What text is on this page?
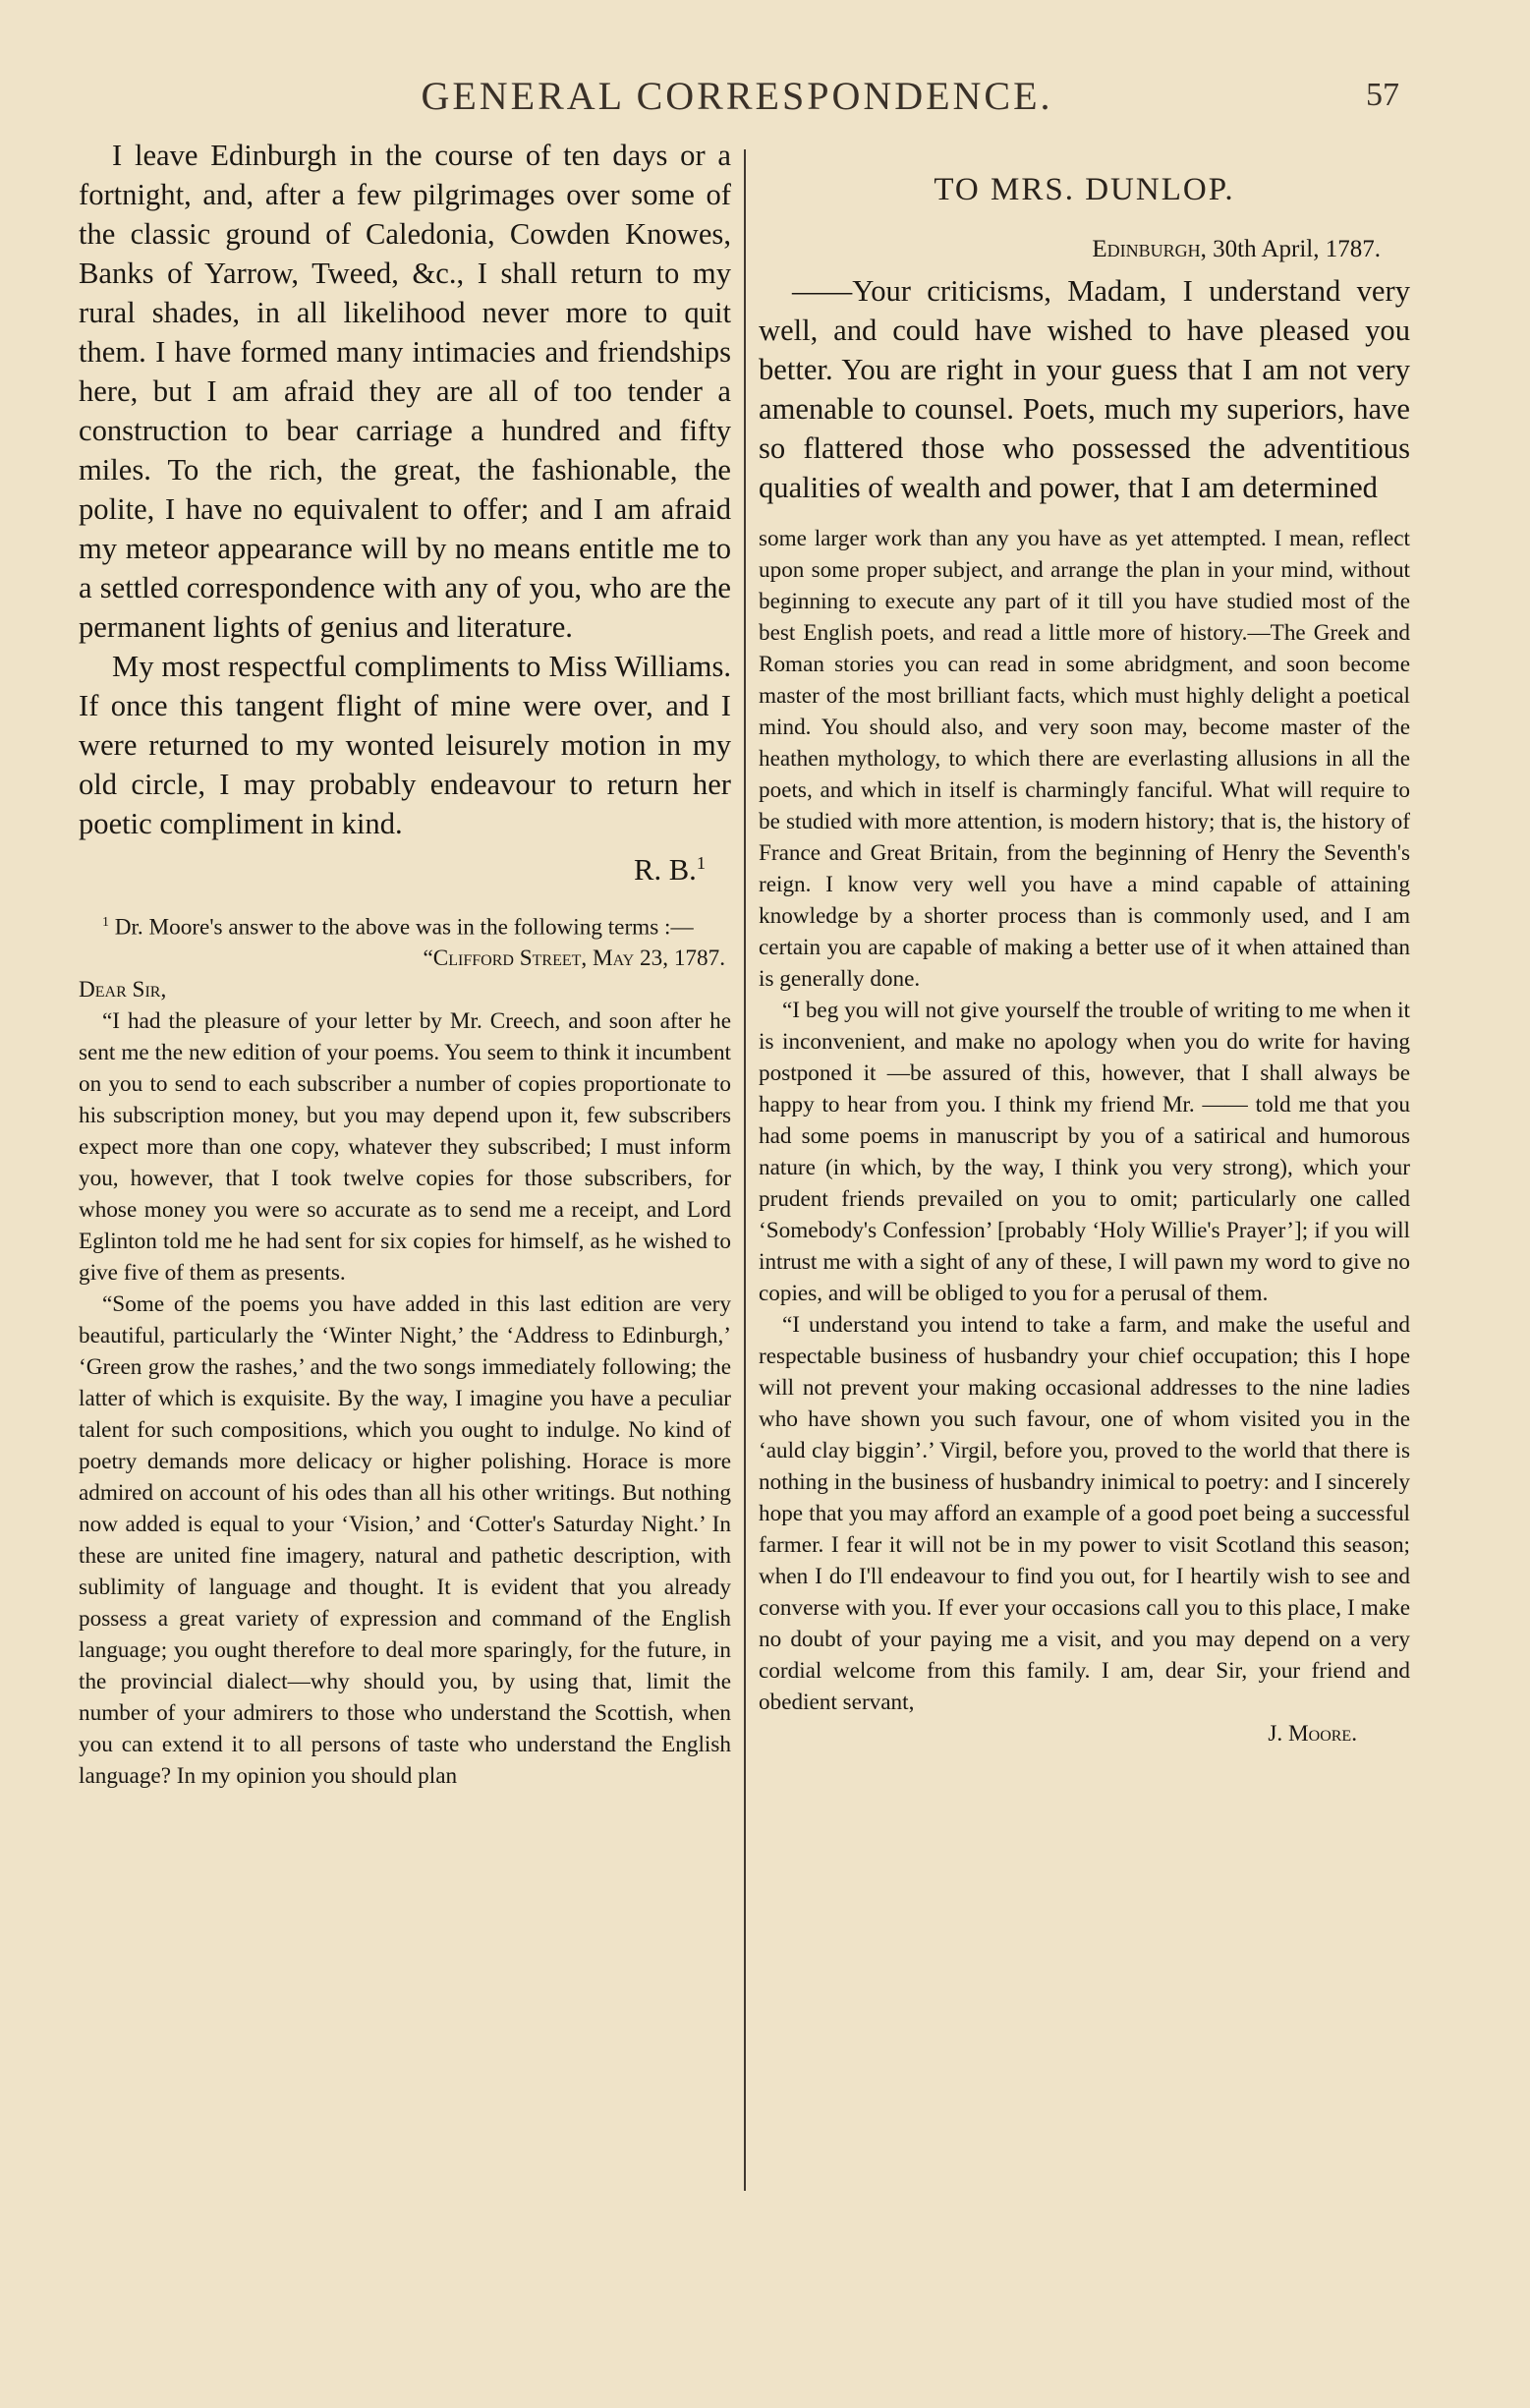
GENERAL CORRESPONDENCE.	57

I leave Edinburgh in the course of ten days or a fortnight, and, after a few pilgrimages over some of the classic ground of Caledonia, Cowden Knowes, Banks of Yarrow, Tweed, &c., I shall return to my rural shades, in all likelihood never more to quit them. I have formed many intimacies and friendships here, but I am afraid they are all of too tender a construction to bear carriage a hundred and fifty miles. To the rich, the great, the fashionable, the polite, I have no equivalent to offer; and I am afraid my meteor appearance will by no means entitle me to a settled correspondence with any of you, who are the permanent lights of genius and literature.

My most respectful compliments to Miss Williams. If once this tangent flight of mine were over, and I were returned to my wonted leisurely motion in my old circle, I may probably endeavour to return her poetic compliment in kind.

R. B.$^1$

$^1$ Dr. Moore's answer to the above was in the following terms :—

“Clifford Street, May 23, 1787.

Dear Sir,

“I had the pleasure of your letter by Mr. Creech, and soon after he sent me the new edition of your poems. You seem to think it incumbent on you to send to each subscriber a number of copies proportionate to his subscription money, but you may depend upon it, few subscribers expect more than one copy, whatever they subscribed; I must inform you, however, that I took twelve copies for those subscribers, for whose money you were so accurate as to send me a receipt, and Lord Eglinton told me he had sent for six copies for himself, as he wished to give five of them as presents.

“Some of the poems you have added in this last edition are very beautiful, particularly the ‘Winter Night,’ the ‘Address to Edinburgh,’ ‘Green grow the rashes,’ and the two songs immediately following; the latter of which is exquisite. By the way, I imagine you have a peculiar talent for such compositions, which you ought to indulge. No kind of poetry demands more delicacy or higher polishing. Horace is more admired on account of his odes than all his other writings. But nothing now added is equal to your ‘Vision,’ and ‘Cotter's Saturday Night.’ In these are united fine imagery, natural and pathetic description, with sublimity of language and thought. It is evident that you already possess a great variety of expression and command of the English language; you ought therefore to deal more sparingly, for the future, in the provincial dialect—why should you, by using that, limit the number of your admirers to those who understand the Scottish, when you can extend it to all persons of taste who understand the English language? In my opinion you should plan

TO MRS. DUNLOP.

Edinburgh, 30th April, 1787.

——Your criticisms, Madam, I understand very well, and could have wished to have pleased you better. You are right in your guess that I am not very amenable to counsel. Poets, much my superiors, have so flattered those who possessed the adventitious qualities of wealth and power, that I am determined

some larger work than any you have as yet attempted. I mean, reflect upon some proper subject, and arrange the plan in your mind, without beginning to execute any part of it till you have studied most of the best English poets, and read a little more of history.—The Greek and Roman stories you can read in some abridgment, and soon become master of the most brilliant facts, which must highly delight a poetical mind. You should also, and very soon may, become master of the heathen mythology, to which there are everlasting allusions in all the poets, and which in itself is charmingly fanciful. What will require to be studied with more attention, is modern history; that is, the history of France and Great Britain, from the beginning of Henry the Seventh's reign. I know very well you have a mind capable of attaining knowledge by a shorter process than is commonly used, and I am certain you are capable of making a better use of it when attained than is generally done.

“I beg you will not give yourself the trouble of writing to me when it is inconvenient, and make no apology when you do write for having postponed it —be assured of this, however, that I shall always be happy to hear from you. I think my friend Mr. —— told me that you had some poems in manuscript by you of a satirical and humorous nature (in which, by the way, I think you very strong), which your prudent friends prevailed on you to omit; particularly one called ‘Somebody's Confession’ [probably ‘Holy Willie's Prayer’]; if you will intrust me with a sight of any of these, I will pawn my word to give no copies, and will be obliged to you for a perusal of them.

“I understand you intend to take a farm, and make the useful and respectable business of husbandry your chief occupation; this I hope will not prevent your making occasional addresses to the nine ladies who have shown you such favour, one of whom visited you in the ‘auld clay biggin’.’ Virgil, before you, proved to the world that there is nothing in the business of husbandry inimical to poetry: and I sincerely hope that you may afford an example of a good poet being a successful farmer. I fear it will not be in my power to visit Scotland this season; when I do I'll endeavour to find you out, for I heartily wish to see and converse with you. If ever your occasions call you to this place, I make no doubt of your paying me a visit, and you may depend on a very cordial welcome from this family. I am, dear Sir, your friend and obedient servant,

J. Moore.
